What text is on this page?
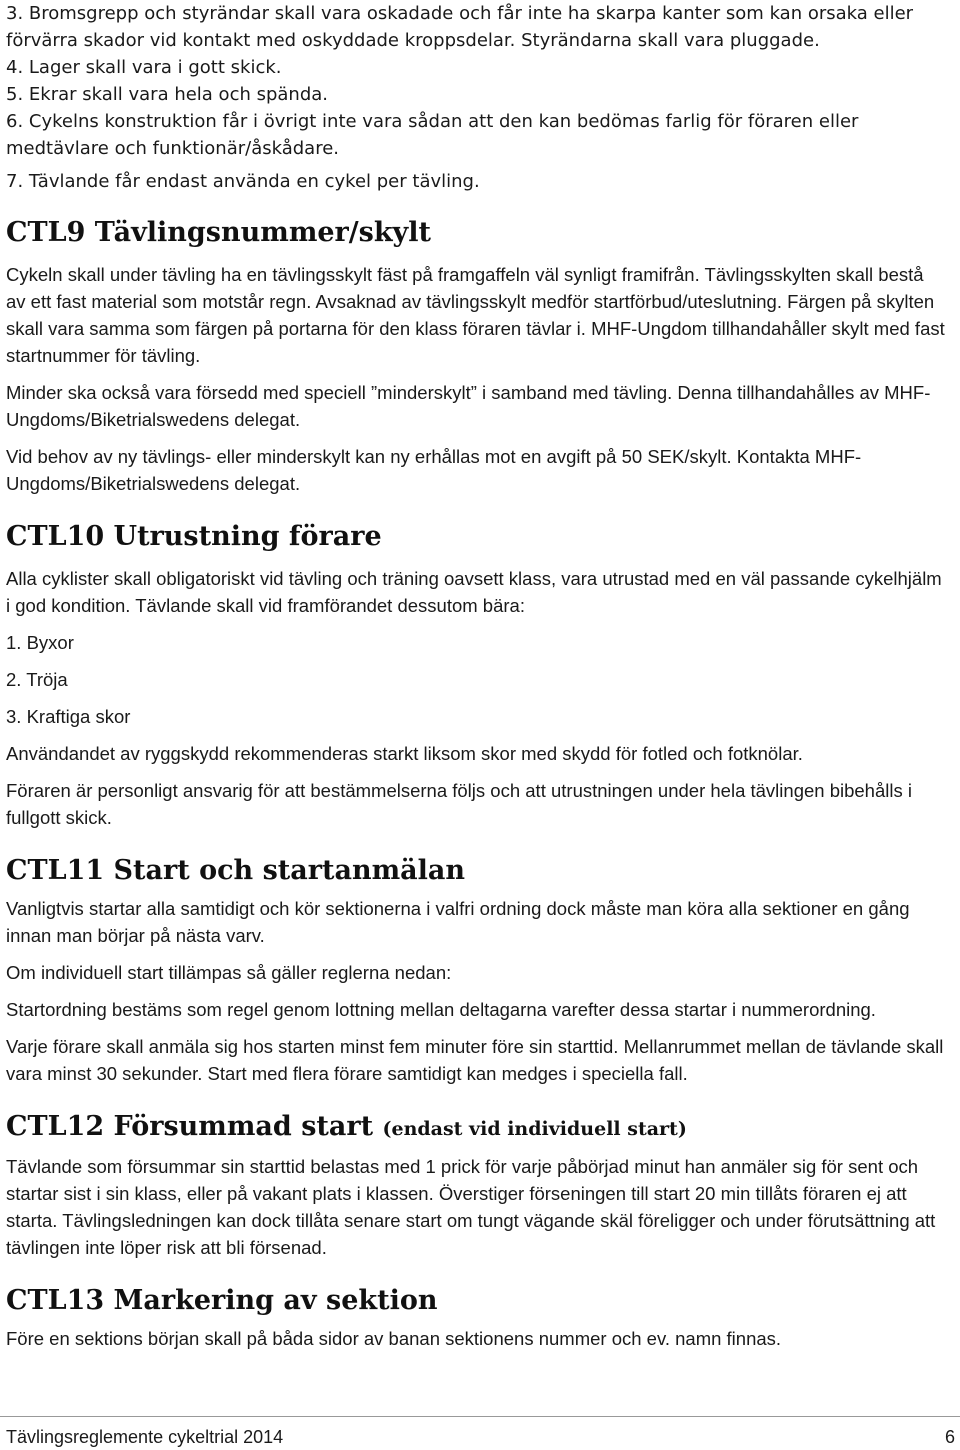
3. Bromsgrepp och styrändar skall vara oskadade och får inte ha skarpa kanter som kan orsaka eller förvärra skador vid kontakt med oskyddade kroppsdelar. Styrändarna skall vara pluggade.
4. Lager skall vara i gott skick.
5. Ekrar skall vara hela och spända.
6. Cykelns konstruktion får i övrigt inte vara sådan att den kan bedömas farlig för föraren eller medtävlare och funktionär/åskådare.
7. Tävlande får endast använda en cykel per tävling.
CTL9 Tävlingsnummer/skylt

Cykeln skall under tävling ha en tävlingsskylt fäst på framgaffeln väl synligt framifrån. Tävlingsskylten skall bestå av ett fast material som motstår regn. Avsaknad av tävlingsskylt medför startförbud/uteslutning. Färgen på skylten skall vara samma som färgen på portarna för den klass föraren tävlar i. MHF-Ungdom tillhandahåller skylt med fast startnummer för tävling.

Minder ska också vara försedd med speciell ”minderskylt” i samband med tävling. Denna tillhandahålles av MHF-Ungdoms/Biketrialswedens delegat.

Vid behov av ny tävlings- eller minderskylt kan ny erhållas mot en avgift på 50 SEK/skylt. Kontakta MHF-Ungdoms/Biketrialswedens delegat.

CTL10 Utrustning förare

Alla cyklister skall obligatoriskt vid tävling och träning oavsett klass, vara utrustad med en väl passande cykelhjälm i god kondition. Tävlande skall vid framförandet dessutom bära:

1. Byxor

2. Tröja

3. Kraftiga skor

Användandet av ryggskydd rekommenderas starkt liksom skor med skydd för fotled och fotknölar.

Föraren är personligt ansvarig för att bestämmelserna följs och att utrustningen under hela tävlingen bibehålls i fullgott skick.

CTL11 Start och startanmälan

Vanligtvis startar alla samtidigt och kör sektionerna i valfri ordning dock måste man köra alla sektioner en gång innan man börjar på nästa varv.

Om individuell start tillämpas så gäller reglerna nedan:

Startordning bestäms som regel genom lottning mellan deltagarna varefter dessa startar i nummerordning.

Varje förare skall anmäla sig hos starten minst fem minuter före sin starttid. Mellanrummet mellan de tävlande skall vara minst 30 sekunder. Start med flera förare samtidigt kan medges i speciella fall.

CTL12 Försummad start (endast vid individuell start)

Tävlande som försummar sin starttid belastas med 1 prick för varje påbörjad minut han anmäler sig för sent och startar sist i sin klass, eller på vakant plats i klassen. Överstiger förseningen till start 20 min tillåts föraren ej att starta. Tävlingsledningen kan dock tillåta senare start om tungt vägande skäl föreligger och under förutsättning att tävlingen inte löper risk att bli försenad.

CTL13 Markering av sektion

Före en sektions början skall på båda sidor av banan sektionens nummer och ev. namn finnas.

Tävlingsreglemente cykeltrial 2014	6
